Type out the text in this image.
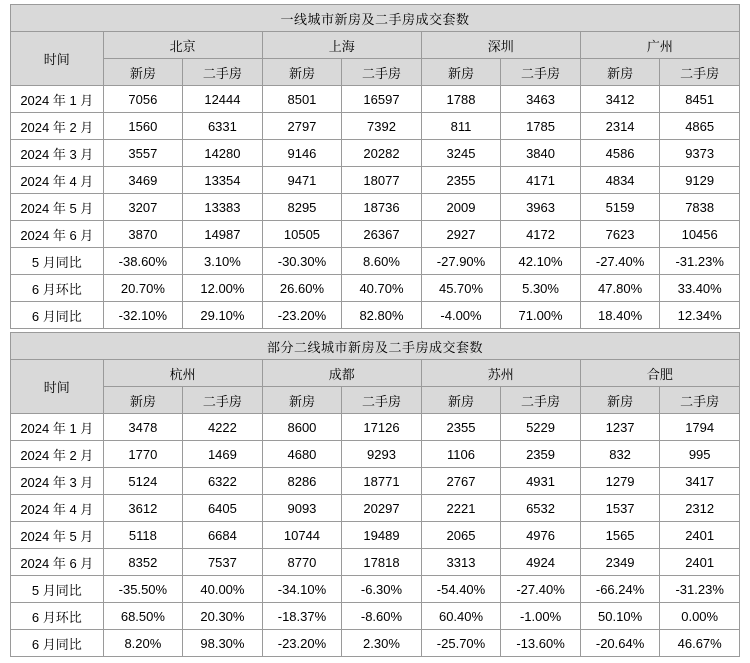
一线城市新房及二手房成交套数								
时间	北京		上海		深圳		广州	
	新房	二手房	新房	二手房	新房	二手房	新房	二手房
2024 年 1 月	7056	12444	8501	16597	1788	3463	3412	8451
2024 年 2 月	1560	6331	2797	7392	811	1785	2314	4865
2024 年 3 月	3557	14280	9146	20282	3245	3840	4586	9373
2024 年 4 月	3469	13354	9471	18077	2355	4171	4834	9129
2024 年 5 月	3207	13383	8295	18736	2009	3963	5159	7838
2024 年 6 月	3870	14987	10505	26367	2927	4172	7623	10456
5 月同比	-38.60%	3.10%	-30.30%	8.60%	-27.90%	42.10%	-27.40%	-31.23%
6 月环比	20.70%	12.00%	26.60%	40.70%	45.70%	5.30%	47.80%	33.40%
6 月同比	-32.10%	29.10%	-23.20%	82.80%	-4.00%	71.00%	18.40%	12.34%
部分二线城市新房及二手房成交套数								
时间	杭州		成都		苏州		合肥	
	新房	二手房	新房	二手房	新房	二手房	新房	二手房
2024 年 1 月	3478	4222	8600	17126	2355	5229	1237	1794
2024 年 2 月	1770	1469	4680	9293	1106	2359	832	995
2024 年 3 月	5124	6322	8286	18771	2767	4931	1279	3417
2024 年 4 月	3612	6405	9093	20297	2221	6532	1537	2312
2024 年 5 月	5118	6684	10744	19489	2065	4976	1565	2401
2024 年 6 月	8352	7537	8770	17818	3313	4924	2349	2401
5 月同比	-35.50%	40.00%	-34.10%	-6.30%	-54.40%	-27.40%	-66.24%	-31.23%
6 月环比	68.50%	20.30%	-18.37%	-8.60%	60.40%	-1.00%	50.10%	0.00%
6 月同比	8.20%	98.30%	-23.20%	2.30%	-25.70%	-13.60%	-20.64%	46.67%
